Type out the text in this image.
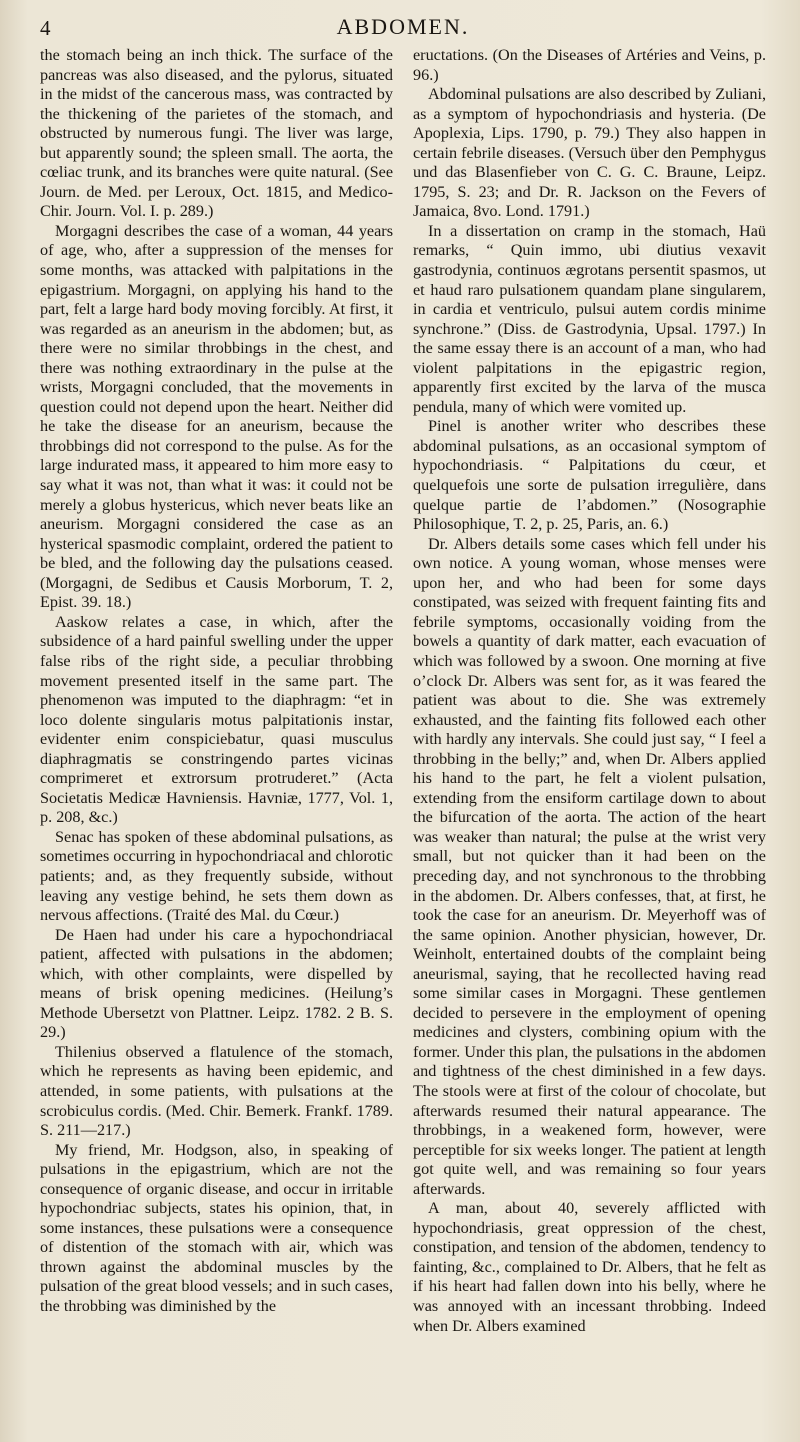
4	ABDOMEN.

the stomach being an inch thick. The surface of the pancreas was also diseased, and the pylorus, situated in the midst of the cancerous mass, was contracted by the thickening of the parietes of the stomach, and obstructed by numerous fungi. The liver was large, but apparently sound; the spleen small. The aorta, the cœliac trunk, and its branches were quite natural. (See Journ. de Med. per Leroux, Oct. 1815, and Medico-Chir. Journ. Vol. I. p. 289.)

Morgagni describes the case of a woman, 44 years of age, who, after a suppression of the menses for some months, was attacked with palpitations in the epigastrium. Morgagni, on applying his hand to the part, felt a large hard body moving forcibly. At first, it was regarded as an aneurism in the abdomen; but, as there were no similar throbbings in the chest, and there was nothing extraordinary in the pulse at the wrists, Morgagni concluded, that the movements in question could not depend upon the heart. Neither did he take the disease for an aneurism, because the throbbings did not correspond to the pulse. As for the large indurated mass, it appeared to him more easy to say what it was not, than what it was: it could not be merely a globus hystericus, which never beats like an aneurism. Morgagni considered the case as an hysterical spasmodic complaint, ordered the patient to be bled, and the following day the pulsations ceased. (Morgagni, de Sedibus et Causis Morborum, T. 2, Epist. 39. 18.)

Aaskow relates a case, in which, after the subsidence of a hard painful swelling under the upper false ribs of the right side, a peculiar throbbing movement presented itself in the same part. The phenomenon was imputed to the diaphragm: “et in loco dolente singularis motus palpitationis instar, evidenter enim conspiciebatur, quasi musculus diaphragmatis se constringendo partes vicinas comprimeret et extrorsum protruderet.” (Acta Societatis Medicæ Havniensis. Havniæ, 1777, Vol. 1, p. 208, &c.)

Senac has spoken of these abdominal pulsations, as sometimes occurring in hypochondriacal and chlorotic patients; and, as they frequently subside, without leaving any vestige behind, he sets them down as nervous affections. (Traité des Mal. du Cœur.)

De Haen had under his care a hypochondriacal patient, affected with pulsations in the abdomen; which, with other complaints, were dispelled by means of brisk opening medicines. (Heilung’s Methode Ubersetzt von Plattner. Leipz. 1782. 2 B. S. 29.)

Thilenius observed a flatulence of the stomach, which he represents as having been epidemic, and attended, in some patients, with pulsations at the scrobiculus cordis. (Med. Chir. Bemerk. Frankf. 1789. S. 211—217.)

My friend, Mr. Hodgson, also, in speaking of pulsations in the epigastrium, which are not the consequence of organic disease, and occur in irritable hypochondriac subjects, states his opinion, that, in some instances, these pulsations were a consequence of distention of the stomach with air, which was thrown against the abdominal muscles by the pulsation of the great blood vessels; and in such cases, the throbbing was diminished by the

eructations. (On the Diseases of Artéries and Veins, p. 96.)

Abdominal pulsations are also described by Zuliani, as a symptom of hypochondriasis and hysteria. (De Apoplexia, Lips. 1790, p. 79.) They also happen in certain febrile diseases. (Versuch über den Pemphygus und das Blasenfieber von C. G. C. Braune, Leipz. 1795, S. 23; and Dr. R. Jackson on the Fevers of Jamaica, 8vo. Lond. 1791.)

In a dissertation on cramp in the stomach, Haü remarks, “ Quin immo, ubi diutius vexavit gastrodynia, continuos ægrotans persentit spasmos, ut et haud raro pulsationem quandam plane singularem, in cardia et ventriculo, pulsui autem cordis minime synchrone.” (Diss. de Gastrodynia, Upsal. 1797.) In the same essay there is an account of a man, who had violent palpitations in the epigastric region, apparently first excited by the larva of the musca pendula, many of which were vomited up.

Pinel is another writer who describes these abdominal pulsations, as an occasional symptom of hypochondriasis. “ Palpitations du cœur, et quelquefois une sorte de pulsation irregulière, dans quelque partie de l’abdomen.” (Nosographie Philosophique, T. 2, p. 25, Paris, an. 6.)

Dr. Albers details some cases which fell under his own notice. A young woman, whose menses were upon her, and who had been for some days constipated, was seized with frequent fainting fits and febrile symptoms, occasionally voiding from the bowels a quantity of dark matter, each evacuation of which was followed by a swoon. One morning at five o’clock Dr. Albers was sent for, as it was feared the patient was about to die. She was extremely exhausted, and the fainting fits followed each other with hardly any intervals. She could just say, “ I feel a throbbing in the belly;” and, when Dr. Albers applied his hand to the part, he felt a violent pulsation, extending from the ensiform cartilage down to about the bifurcation of the aorta. The action of the heart was weaker than natural; the pulse at the wrist very small, but not quicker than it had been on the preceding day, and not synchronous to the throbbing in the abdomen. Dr. Albers confesses, that, at first, he took the case for an aneurism. Dr. Meyerhoff was of the same opinion. Another physician, however, Dr. Weinholt, entertained doubts of the complaint being aneurismal, saying, that he recollected having read some similar cases in Morgagni. These gentlemen decided to persevere in the employment of opening medicines and clysters, combining opium with the former. Under this plan, the pulsations in the abdomen and tightness of the chest diminished in a few days. The stools were at first of the colour of chocolate, but afterwards resumed their natural appearance. The throbbings, in a weakened form, however, were perceptible for six weeks longer. The patient at length got quite well, and was remaining so four years afterwards.

A man, about 40, severely afflicted with hypochondriasis, great oppression of the chest, constipation, and tension of the abdomen, tendency to fainting, &c., complained to Dr. Albers, that he felt as if his heart had fallen down into his belly, where he was annoyed with an incessant throbbing. Indeed when Dr. Albers examined
